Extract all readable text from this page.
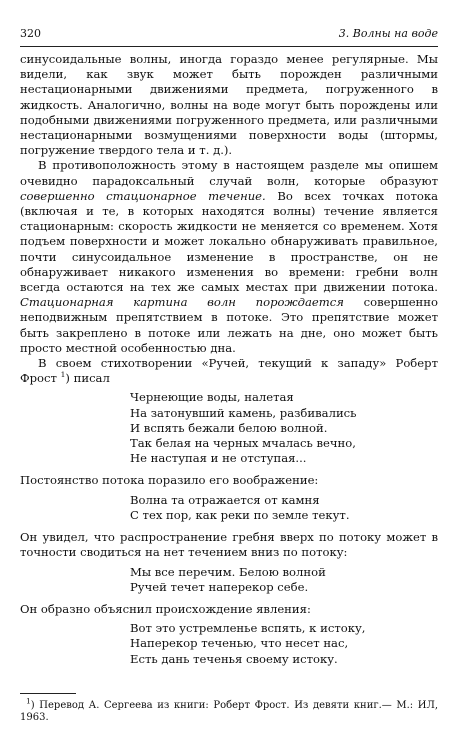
320	3. Волны на воде

синусоидальные волны, иногда гораздо менее регулярные. Мы видели, как звук может быть порожден различными нестационарными движениями предмета, погруженного в жидкость. Аналогично, волны на воде могут быть порождены или подобными движениями погруженного предмета, или различными нестационарными возмущениями поверхности воды (штормы, погружение твердого тела и т. д.).

В противоположность этому в настоящем разделе мы опишем очевидно парадоксальный случай волн, которые образуют совершенно стационарное течение. Во всех точках потока (включая и те, в которых находятся волны) течение является стационарным: скорость жидкости не меняется со временем. Хотя подъем поверхности и может локально обнаруживать правильное, почти синусоидальное изменение в пространстве, он не обнаруживает никакого изменения во времени: гребни волн всегда остаются на тех же самых местах при движении потока. Стационарная картина волн порождается совершенно неподвижным препятствием в потоке. Это препятствие может быть закреплено в потоке или лежать на дне, оно может быть просто местной особенностью дна.

В своем стихотворении «Ручей, текущий к западу» Роберт Фрост $^1$) писал

Чернеющие воды, налетая
На затонувший камень, разбивались
И вспять бежали белою волной.
Так белая на черных мчалась вечно,
Не наступая и не отступая...

Постоянство потока поразило его воображение:

Волна та отражается от камня
С тех пор, как реки по земле текут.

Он увидел, что распространение гребня вверх по потоку может в точности сводиться на нет течением вниз по потоку:

Мы все перечим. Белою волной
Ручей течет наперекор себе.

Он образно объяснил происхождение явления:

Вот это устремленье вспять, к истоку,
Наперекор теченью, что несет нас,
Есть дань теченья своему истоку.

$^1$) Перевод А. Сергеева из книги: Роберт Фрост. Из девяти книг.— М.: ИЛ, 1963.
